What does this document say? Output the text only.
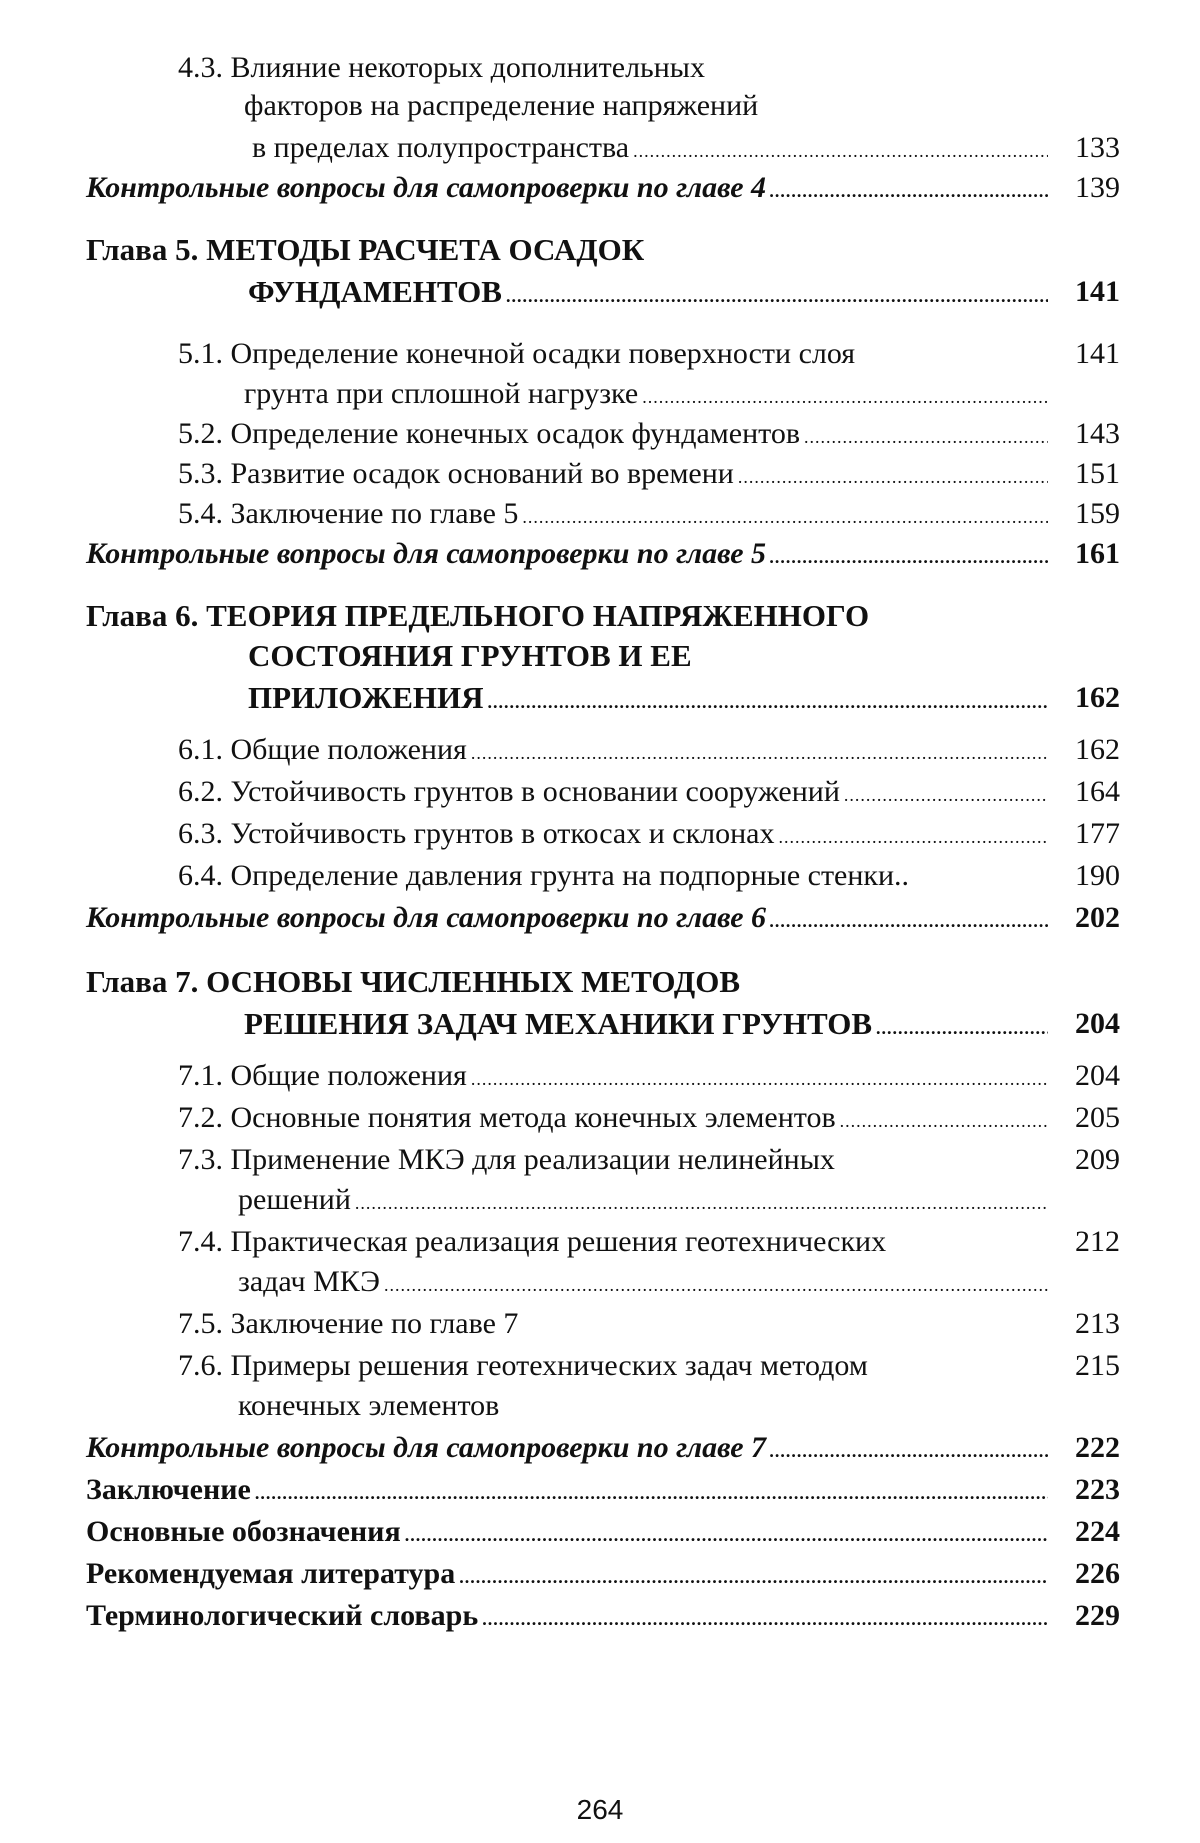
4.3. Влияние некоторых дополнительных
факторов на распределение напряжений
в пределах полупространства .....	133
Контрольные вопросы для самопроверки по главе 4 .....	139
Глава 5. МЕТОДЫ РАСЧЕТА ОСАДОК
ФУНДАМЕНТОВ .....	141
5.1. Определение конечной осадки поверхности слоя	141
грунта при сплошной нагрузке
.....
5.2. Определение конечных осадок фундаментов .....	143
5.3. Развитие осадок оснований во времени .....	151
5.4. Заключение по главе 5 .....	159
Контрольные вопросы для самопроверки по главе 5 .....	161
Глава 6. ТЕОРИЯ ПРЕДЕЛЬНОГО НАПРЯЖЕННОГО
СОСТОЯНИЯ ГРУНТОВ И ЕЕ
ПРИЛОЖЕНИЯ .....	162
6.1. Общие положения .....	162
6.2. Устойчивость грунтов в основании сооружений .....	164
6.3. Устойчивость грунтов в откосах и склонах .....	177
6.4. Определение давления грунта на подпорные стенки..	190
Контрольные вопросы для самопроверки по главе 6 .....	202
Глава 7. ОСНОВЫ ЧИСЛЕННЫХ МЕТОДОВ
РЕШЕНИЯ ЗАДАЧ МЕХАНИКИ ГРУНТОВ .....	204
7.1. Общие положения .....	204
7.2. Основные понятия метода конечных элементов .....	205
7.3. Применение МКЭ для реализации нелинейных	209
решений
.....
7.4. Практическая реализация решения геотехнических	212
задач МКЭ
.....
7.5. Заключение по главе 7	213
7.6. Примеры решения геотехнических задач методом	215
конечных элементов
Контрольные вопросы для самопроверки по главе 7 .....	222
Заключение .....	223
Основные обозначения .....	224
Рекомендуемая литература .....	226
Терминологический словарь .....	229
264
